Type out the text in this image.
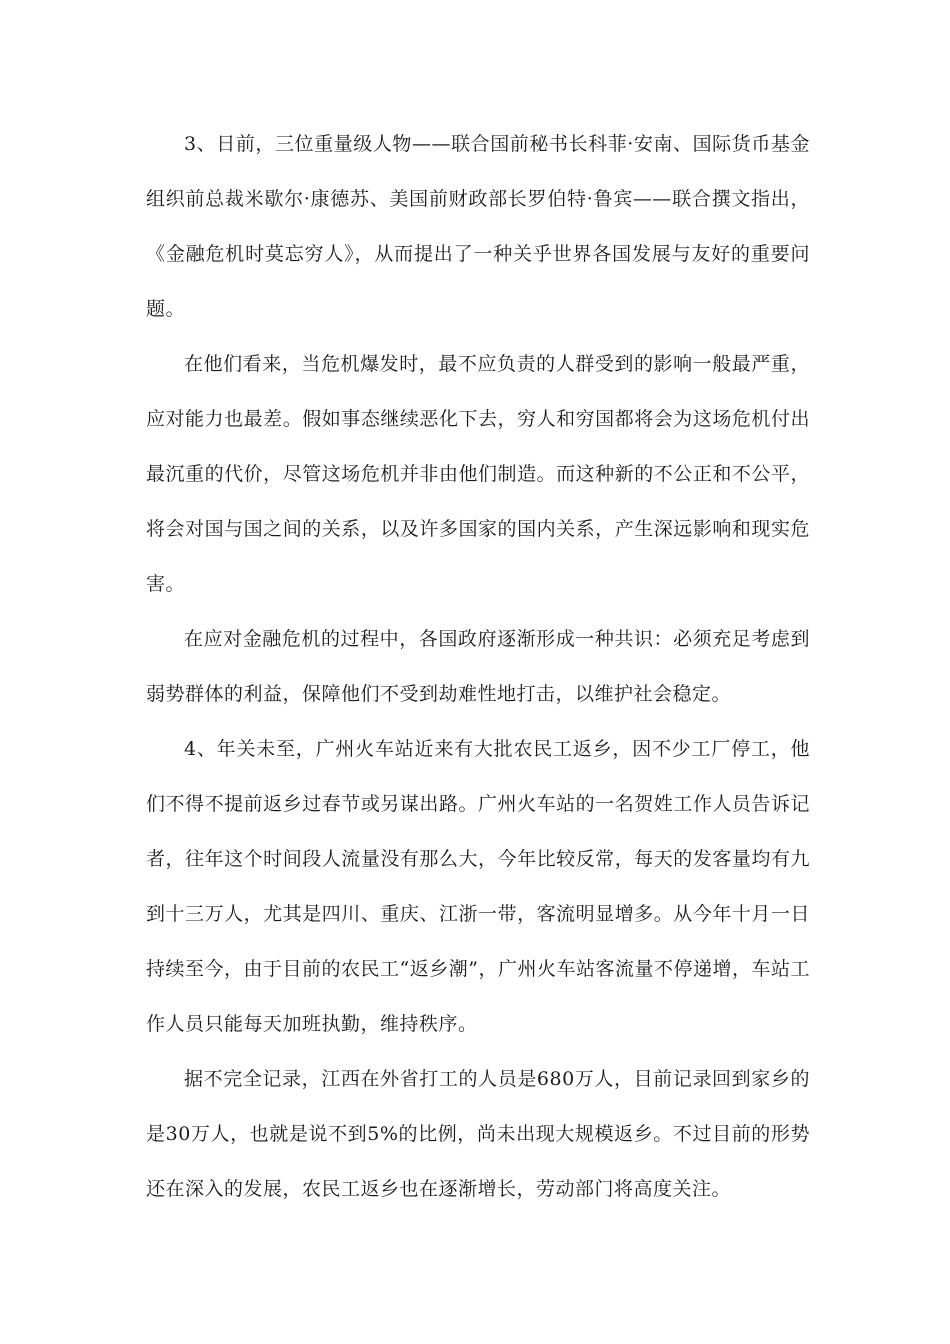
3、日前，三位重量级人物——联合国前秘书长科菲·安南、国际货币基金组织前总裁米歇尔·康德苏、美国前财政部长罗伯特·鲁宾——联合撰文指出，《金融危机时莫忘穷人》，从而提出了一种关乎世界各国发展与友好的重要问题。

在他们看来，当危机爆发时，最不应负责的人群受到的影响一般最严重，应对能力也最差。假如事态继续恶化下去，穷人和穷国都将会为这场危机付出最沉重的代价，尽管这场危机并非由他们制造。而这种新的不公正和不公平，将会对国与国之间的关系，以及许多国家的国内关系，产生深远影响和现实危害。

在应对金融危机的过程中，各国政府逐渐形成一种共识：必须充足考虑到弱势群体的利益，保障他们不受到劫难性地打击，以维护社会稳定。

4、年关未至，广州火车站近来有大批农民工返乡，因不少工厂停工，他们不得不提前返乡过春节或另谋出路。广州火车站的一名贺姓工作人员告诉记者，往年这个时间段人流量没有那么大，今年比较反常，每天的发客量均有九到十三万人，尤其是四川、重庆、江浙一带，客流明显增多。从今年十月一日持续至今，由于目前的农民工“返乡潮”，广州火车站客流量不停递增，车站工作人员只能每天加班执勤，维持秩序。

据不完全记录，江西在外省打工的人员是680万人，目前记录回到家乡的是30万人，也就是说不到5%的比例，尚未出现大规模返乡。不过目前的形势还在深入的发展，农民工返乡也在逐渐增长，劳动部门将高度关注。
